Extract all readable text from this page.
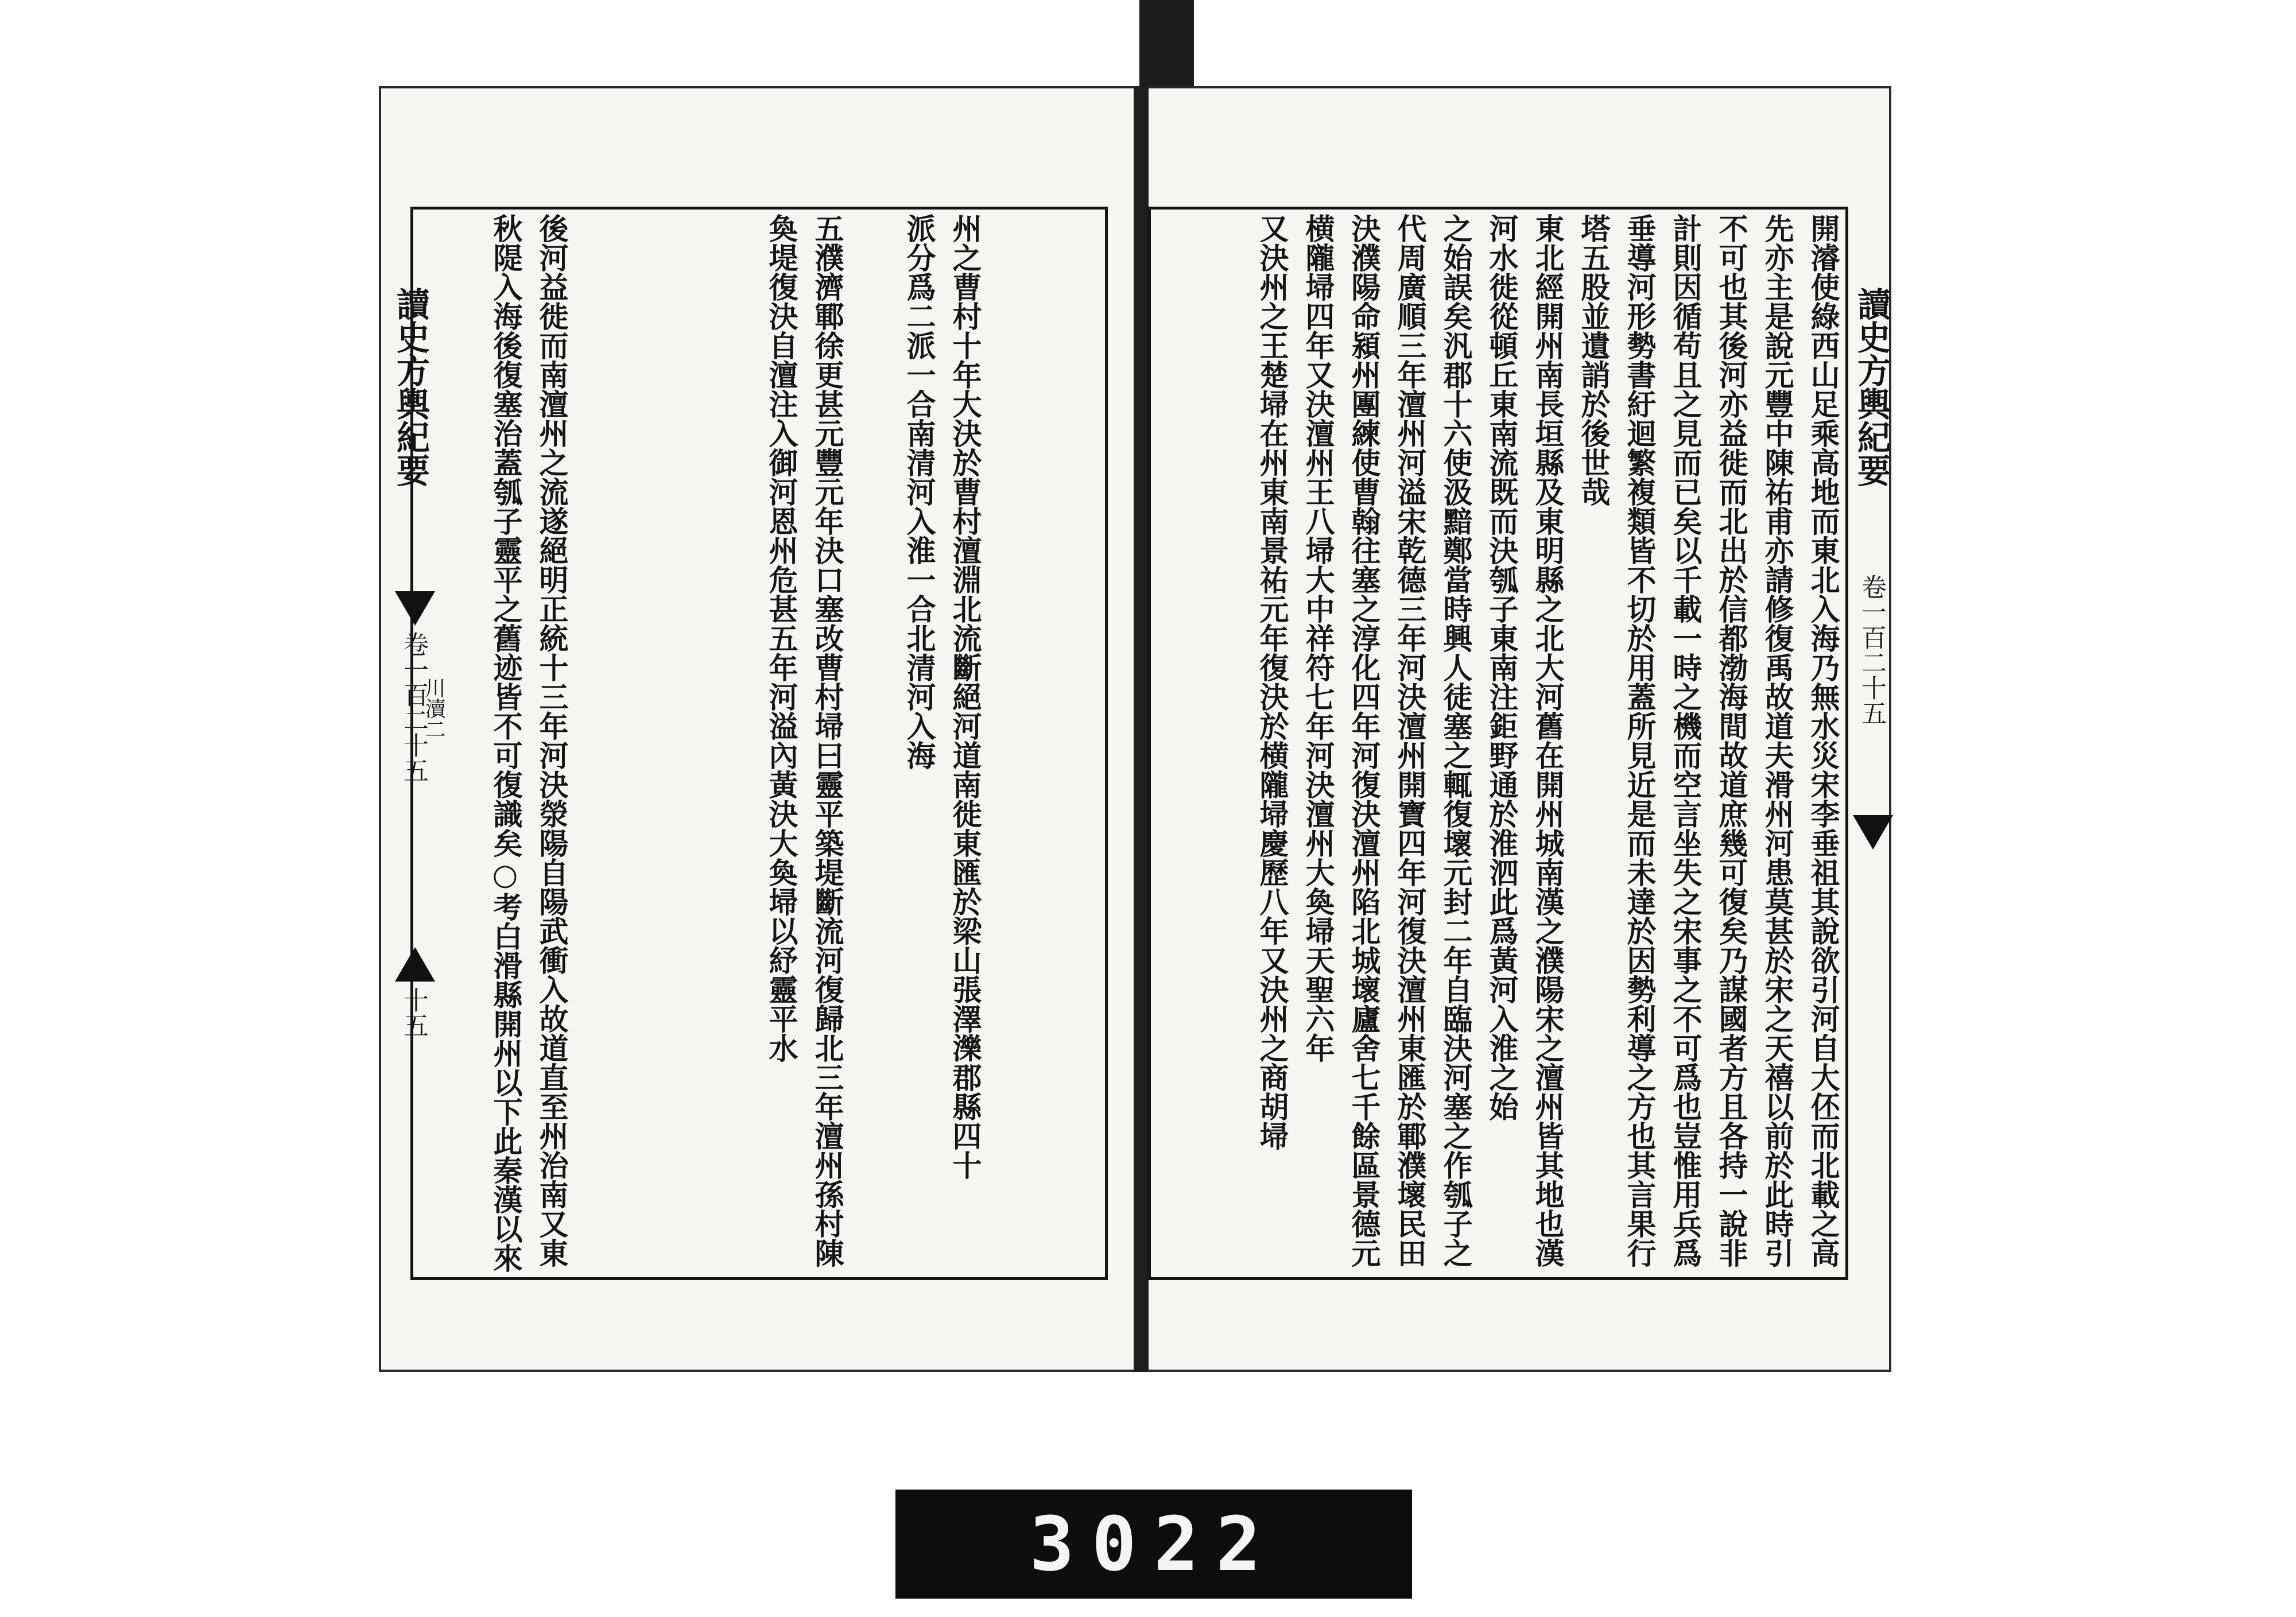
讀史方輿紀要
卷一百二十五
十五
川瀆二
秋隄入海後復塞治蓋瓠子靈平之舊迹皆不可復識矣○考白滑縣開州以下此秦漢以來
後河益徙而南澶州之流遂絕明正統十三年河決滎陽自陽武衝入故道直至州治南又東
奐堤復決自澶注入御河恩州危甚五年河溢內黃決大奐埽以紓靈平水 五濮濟鄆徐更甚元豐元年決口塞改曹村埽曰靈平築堤斷流河復歸北三年澶州孫村陳
派分爲二派一合南清河入淮一合北清河入海 州之曹村十年大決於曹村澶淵北流斷絕河道南徙東匯於梁山張澤濼郡縣四十	讀史方輿紀要
卷一百二十五
開濬使綠西山足乘高地而東北入海乃無水災宋李垂祖其說欲引河自大伾而北載之高
先亦主是說元豐中陳祐甫亦請修復禹故道夫滑州河患莫甚於宋之天禧以前於此時引
不可也其後河亦益徙而北出於信都渤海間故道庶幾可復矣乃謀國者方且各持一說非
計則因循苟且之見而已矣以千載一時之機而空言坐失之宋事之不可爲也豈惟用兵爲
垂導河形勢書紆迴繁複類皆不切於用蓋所見近是而未達於因勢利導之方也其言果行
塔五股並遺誚於後世哉
東北經開州南長垣縣及東明縣之北大河舊在開州城南漢之濮陽宋之澶州皆其地也漢
河水徙從頓丘東南流既而決瓠子東南注鉅野通於淮泗此爲黃河入淮之始
之始誤矣汎郡十六使汲黯鄭當時興人徒塞之輒復壞元封二年自臨決河塞之作瓠子之
代周廣順三年澶州河溢宋乾德三年河決澶州開寶四年河復決澶州東匯於鄆濮壞民田
決濮陽命潁州團練使曹翰往塞之淳化四年河復決澶州陷北城壞廬舍七千餘區景德元
横隴埽四年又決澶州王八埽大中祥符七年河決澶州大奐埽天聖六年
又決州之王楚埽在州東南景祐元年復決於横隴埽慶歷八年又決州之商胡埽
3022
